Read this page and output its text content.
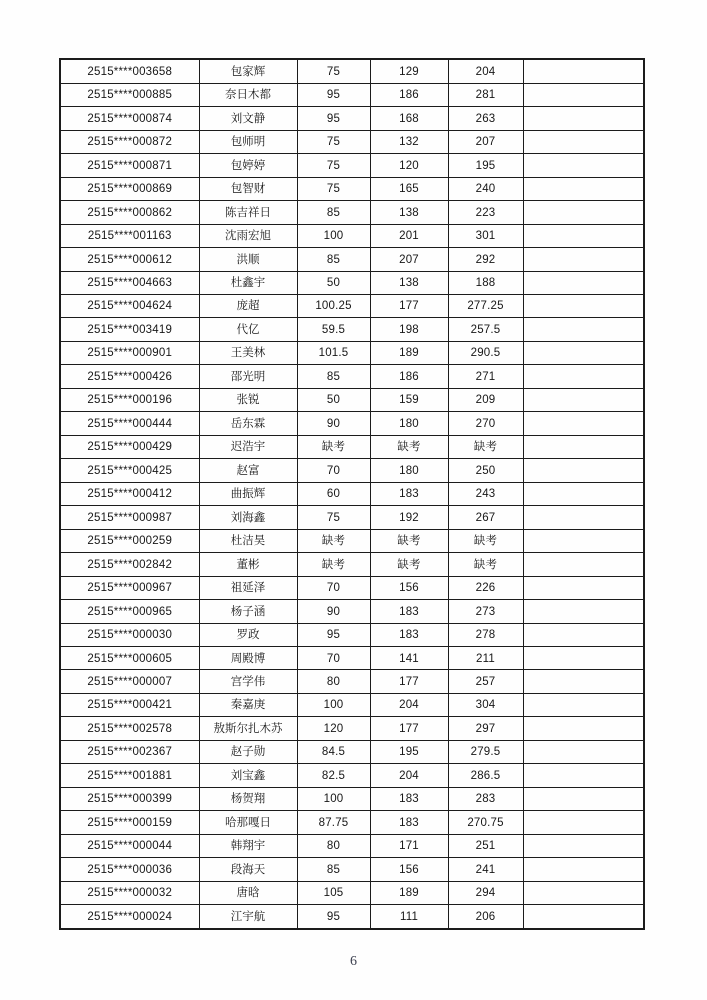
2515****003658	包家辉	75	129	204	
2515****000885	奈日木都	95	186	281	
2515****000874	刘文静	95	168	263	
2515****000872	包师明	75	132	207	
2515****000871	包婷婷	75	120	195	
2515****000869	包智财	75	165	240	
2515****000862	陈吉祥日	85	138	223	
2515****001163	沈雨宏旭	100	201	301	
2515****000612	洪顺	85	207	292	
2515****004663	杜鑫宇	50	138	188	
2515****004624	庞超	100.25	177	277.25	
2515****003419	代亿	59.5	198	257.5	
2515****000901	王美林	101.5	189	290.5	
2515****000426	邵光明	85	186	271	
2515****000196	张锐	50	159	209	
2515****000444	岳东霖	90	180	270	
2515****000429	迟浩宇	缺考	缺考	缺考	
2515****000425	赵富	70	180	250	
2515****000412	曲振辉	60	183	243	
2515****000987	刘海鑫	75	192	267	
2515****000259	杜洁昊	缺考	缺考	缺考	
2515****002842	董彬	缺考	缺考	缺考	
2515****000967	祖延泽	70	156	226	
2515****000965	杨子涵	90	183	273	
2515****000030	罗政	95	183	278	
2515****000605	周殿博	70	141	211	
2515****000007	宫学伟	80	177	257	
2515****000421	秦嘉庚	100	204	304	
2515****002578	敖斯尔扎木苏	120	177	297	
2515****002367	赵子勋	84.5	195	279.5	
2515****001881	刘宝鑫	82.5	204	286.5	
2515****000399	杨贺翔	100	183	283	
2515****000159	哈那嘎日	87.75	183	270.75	
2515****000044	韩翔宇	80	171	251	
2515****000036	段海天	85	156	241	
2515****000032	唐晗	105	189	294	
2515****000024	江宇航	95	111	206	
6
